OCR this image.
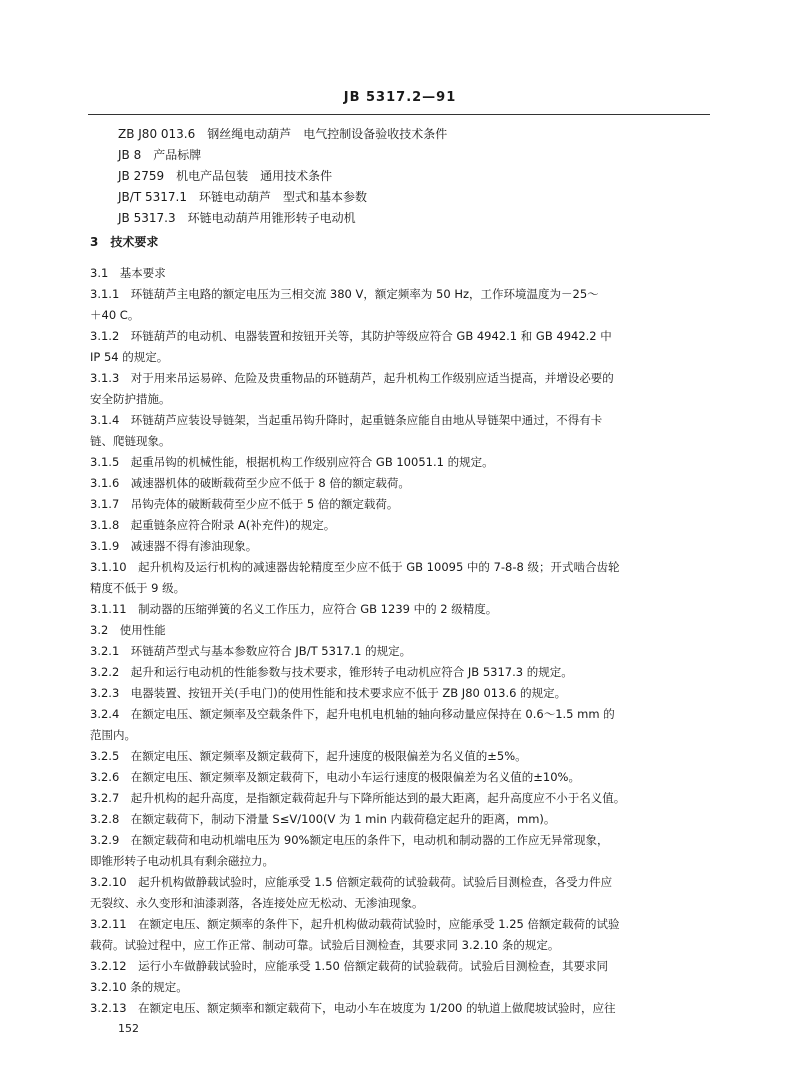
JB 5317.2—91
ZB J80 013.6　钢丝绳电动葫芦　电气控制设备验收技术条件
JB 8　产品标牌
JB 2759　机电产品包装　通用技术条件
JB/T 5317.1　环链电动葫芦　型式和基本参数
JB 5317.3　环链电动葫芦用锥形转子电动机
3　技术要求
3.1　基本要求
3.1.1　环链葫芦主电路的额定电压为三相交流 380 V，额定频率为 50 Hz，工作环境温度为－25～
＋40 C。
3.1.2　环链葫芦的电动机、电器装置和按钮开关等，其防护等级应符合 GB 4942.1 和 GB 4942.2 中
IP 54 的规定。
3.1.3　对于用来吊运易碎、危险及贵重物品的环链葫芦，起升机构工作级别应适当提高，并增设必要的
安全防护措施。
3.1.4　环链葫芦应装设导链架，当起重吊钩升降时，起重链条应能自由地从导链架中通过，不得有卡
链、爬链现象。
3.1.5　起重吊钩的机械性能，根据机构工作级别应符合 GB 10051.1 的规定。
3.1.6　减速器机体的破断载荷至少应不低于 8 倍的额定载荷。
3.1.7　吊钩壳体的破断载荷至少应不低于 5 倍的额定载荷。
3.1.8　起重链条应符合附录 A(补充件)的规定。
3.1.9　减速器不得有渗油现象。
3.1.10　起升机构及运行机构的减速器齿轮精度至少应不低于 GB 10095 中的 7-8-8 级；开式啮合齿轮
精度不低于 9 级。
3.1.11　制动器的压缩弹簧的名义工作压力，应符合 GB 1239 中的 2 级精度。
3.2　使用性能
3.2.1　环链葫芦型式与基本参数应符合 JB/T 5317.1 的规定。
3.2.2　起升和运行电动机的性能参数与技术要求，锥形转子电动机应符合 JB 5317.3 的规定。
3.2.3　电器装置、按钮开关(手电门)的使用性能和技术要求应不低于 ZB J80 013.6 的规定。
3.2.4　在额定电压、额定频率及空载条件下，起升电机电机轴的轴向移动量应保持在 0.6～1.5 mm 的
范围内。
3.2.5　在额定电压、额定频率及额定载荷下，起升速度的极限偏差为名义值的±5%。
3.2.6　在额定电压、额定频率及额定载荷下，电动小车运行速度的极限偏差为名义值的±10%。
3.2.7　起升机构的起升高度，是指额定载荷起升与下降所能达到的最大距离，起升高度应不小于名义值。
3.2.8　在额定载荷下，制动下滑量 S≤V/100(V 为 1 min 内载荷稳定起升的距离，mm)。
3.2.9　在额定载荷和电动机端电压为 90%额定电压的条件下，电动机和制动器的工作应无异常现象，
即锥形转子电动机具有剩余磁拉力。
3.2.10　起升机构做静载试验时，应能承受 1.5 倍额定载荷的试验载荷。试验后目测检查，各受力件应
无裂纹、永久变形和油漆剥落，各连接处应无松动、无渗油现象。
3.2.11　在额定电压、额定频率的条件下，起升机构做动载荷试验时，应能承受 1.25 倍额定载荷的试验
载荷。试验过程中，应工作正常、制动可靠。试验后目测检查，其要求同 3.2.10 条的规定。
3.2.12　运行小车做静载试验时，应能承受 1.50 倍额定载荷的试验载荷。试验后目测检查，其要求同
3.2.10 条的规定。
3.2.13　在额定电压、额定频率和额定载荷下，电动小车在坡度为 1/200 的轨道上做爬坡试验时，应往
152
